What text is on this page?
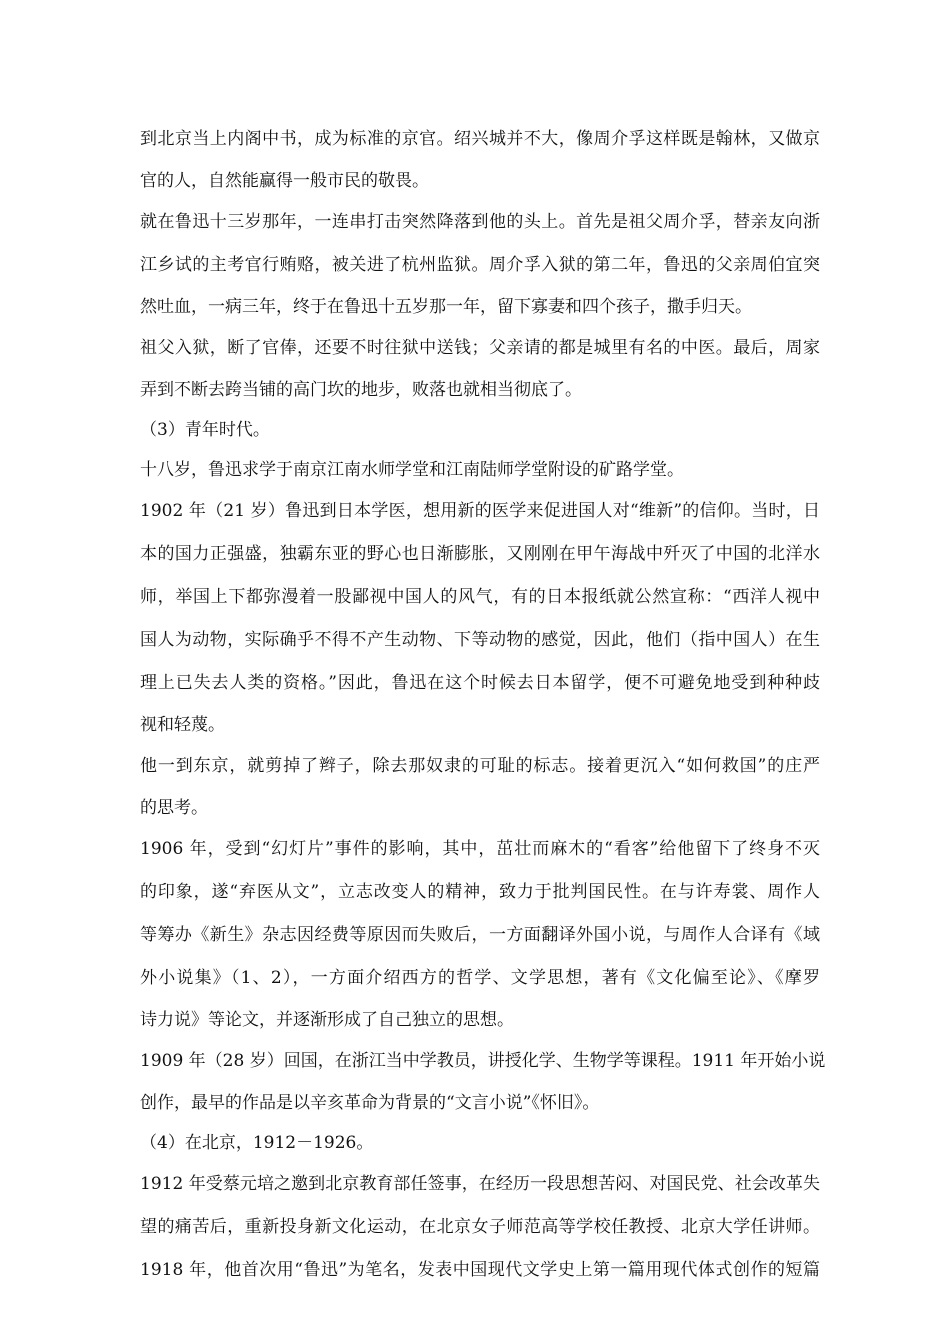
到北京当上内阁中书，成为标准的京官。绍兴城并不大，像周介孚这样既是翰林，又做京
官的人，自然能赢得一般市民的敬畏。
就在鲁迅十三岁那年，一连串打击突然降落到他的头上。首先是祖父周介孚，替亲友向浙
江乡试的主考官行贿赂，被关进了杭州监狱。周介孚入狱的第二年，鲁迅的父亲周伯宜突
然吐血，一病三年，终于在鲁迅十五岁那一年，留下寡妻和四个孩子，撒手归天。
祖父入狱，断了官俸，还要不时往狱中送钱；父亲请的都是城里有名的中医。最后，周家
弄到不断去跨当铺的高门坎的地步，败落也就相当彻底了。
（3）青年时代。
十八岁，鲁迅求学于南京江南水师学堂和江南陆师学堂附设的矿路学堂。
1902 年（21 岁）鲁迅到日本学医，想用新的医学来促进国人对“维新”的信仰。当时，日
本的国力正强盛，独霸东亚的野心也日渐膨胀，又刚刚在甲午海战中歼灭了中国的北洋水
师，举国上下都弥漫着一股鄙视中国人的风气，有的日本报纸就公然宣称：“西洋人视中
国人为动物，实际确乎不得不产生动物、下等动物的感觉，因此，他们（指中国人）在生
理上已失去人类的资格。”因此，鲁迅在这个时候去日本留学，便不可避免地受到种种歧
视和轻蔑。
他一到东京，就剪掉了辫子，除去那奴隶的可耻的标志。接着更沉入“如何救国”的庄严
的思考。
1906 年，受到“幻灯片”事件的影响，其中，茁壮而麻木的“看客”给他留下了终身不灭
的印象，遂“弃医从文”，立志改变人的精神，致力于批判国民性。在与许寿裳、周作人
等筹办《新生》杂志因经费等原因而失败后，一方面翻译外国小说，与周作人合译有《域
外小说集》（1、2），一方面介绍西方的哲学、文学思想，著有《文化偏至论》、《摩罗
诗力说》等论文，并逐渐形成了自己独立的思想。
1909 年（28 岁）回国，在浙江当中学教员，讲授化学、生物学等课程。1911 年开始小说
创作，最早的作品是以辛亥革命为背景的“文言小说”《怀旧》。
（4）在北京，1912－1926。
1912 年受蔡元培之邀到北京教育部任签事，在经历一段思想苦闷、对国民党、社会改革失
望的痛苦后，重新投身新文化运动，在北京女子师范高等学校任教授、北京大学任讲师。
1918 年，他首次用“鲁迅”为笔名，发表中国现代文学史上第一篇用现代体式创作的短篇
